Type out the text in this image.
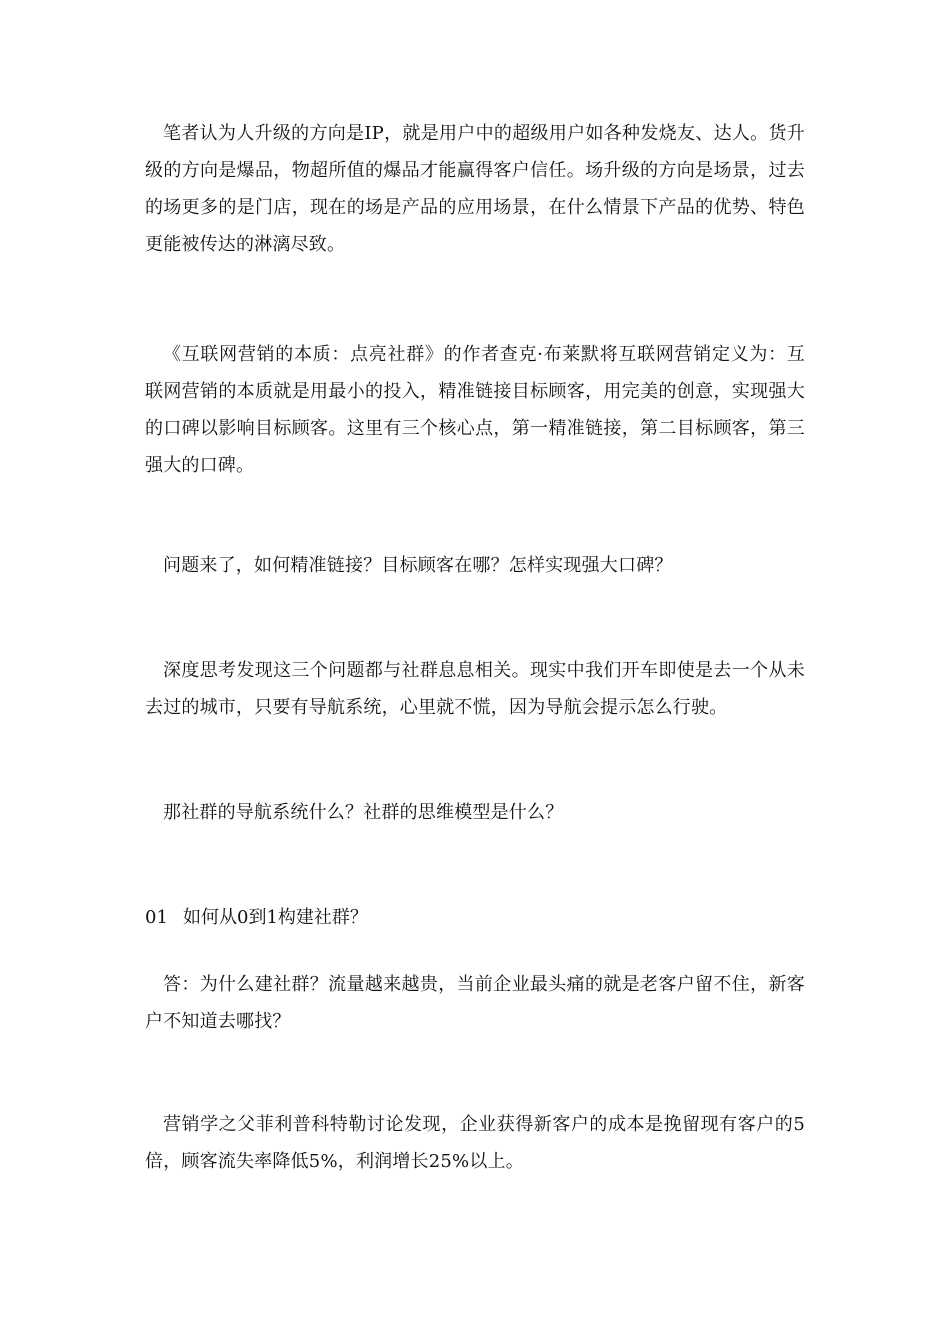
笔者认为人升级的方向是IP，就是用户中的超级用户如各种发烧友、达人。货升级的方向是爆品，物超所值的爆品才能赢得客户信任。场升级的方向是场景，过去的场更多的是门店，现在的场是产品的应用场景，在什么情景下产品的优势、特色更能被传达的淋漓尽致。

《互联网营销的本质：点亮社群》的作者查克·布莱默将互联网营销定义为：互联网营销的本质就是用最小的投入，精准链接目标顾客，用完美的创意，实现强大的口碑以影响目标顾客。这里有三个核心点，第一精准链接，第二目标顾客，第三强大的口碑。

问题来了，如何精准链接？目标顾客在哪？怎样实现强大口碑？

深度思考发现这三个问题都与社群息息相关。现实中我们开车即使是去一个从未去过的城市，只要有导航系统，心里就不慌，因为导航会提示怎么行驶。

那社群的导航系统什么？社群的思维模型是什么？

01 如何从0到1构建社群？

答：为什么建社群？流量越来越贵，当前企业最头痛的就是老客户留不住，新客户不知道去哪找？

营销学之父菲利普科特勒讨论发现，企业获得新客户的成本是挽留现有客户的5倍，顾客流失率降低5%，利润增长25%以上。
